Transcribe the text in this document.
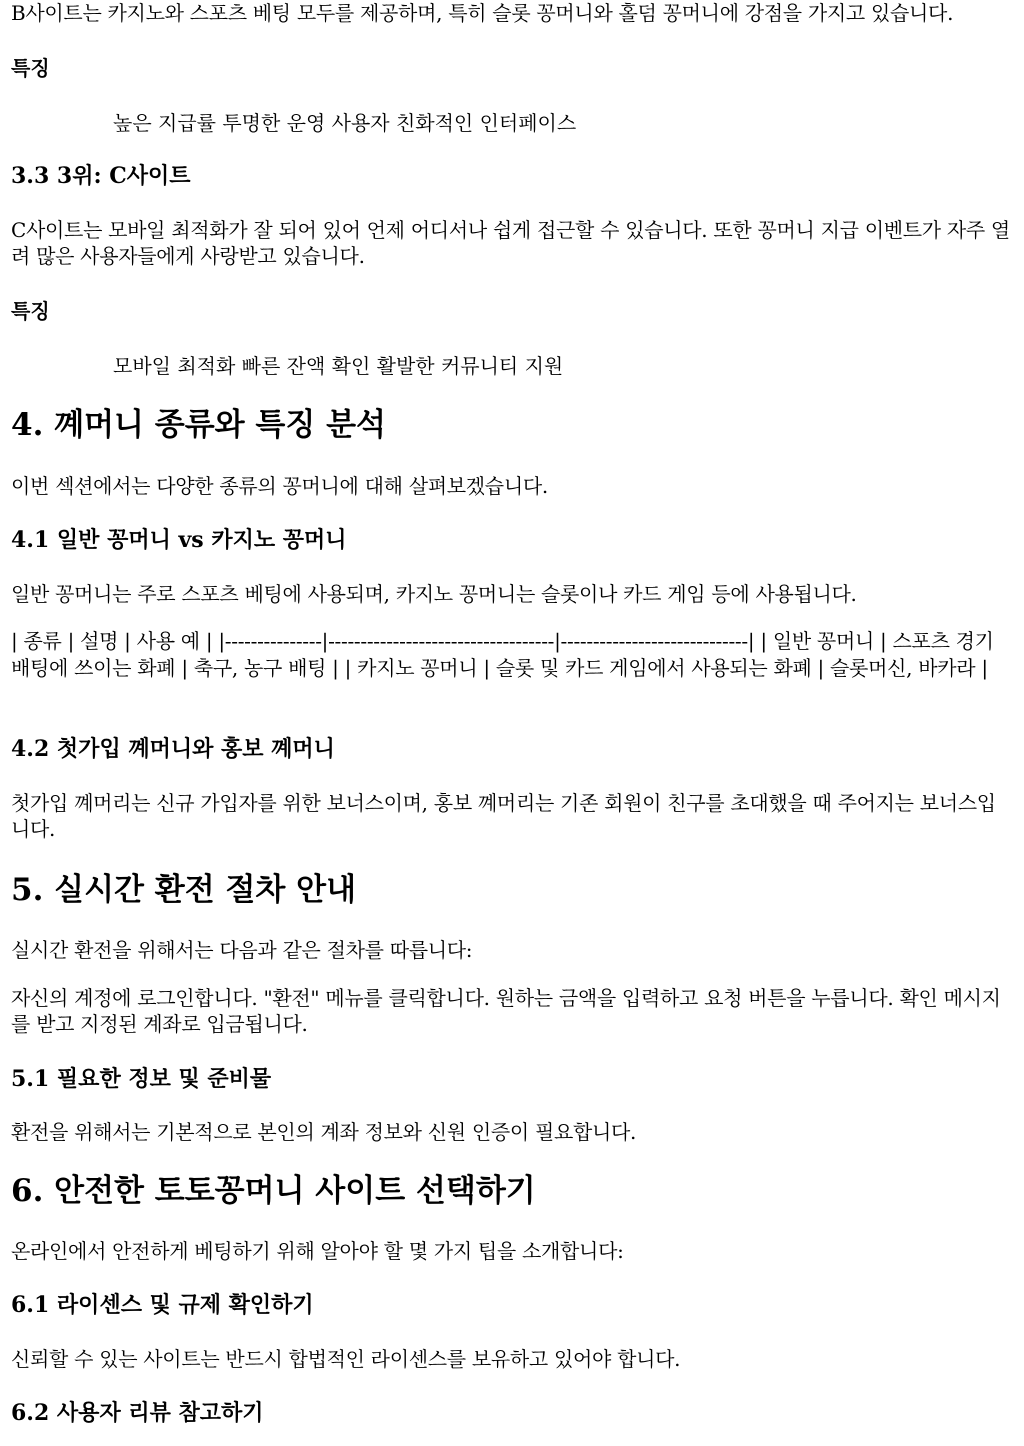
B사이트는 카지노와 스포츠 베팅 모두를 제공하며, 특히 슬롯 꽁머니와 홀덤 꽁머니에 강점을 가지고 있습니다.

특징
높은 지급률 투명한 운영 사용자 친화적인 인터페이스
3.3 3위: C사이트

C사이트는 모바일 최적화가 잘 되어 있어 언제 어디서나 쉽게 접근할 수 있습니다. 또한 꽁머니 지급 이벤트가 자주 열려 많은 사용자들에게 사랑받고 있습니다.

특징
모바일 최적화 빠른 잔액 확인 활발한 커뮤니티 지원
4. 꼐머니 종류와 특징 분석

이번 섹션에서는 다양한 종류의 꽁머니에 대해 살펴보겠습니다.

4.1 일반 꽁머니 vs 카지노 꽁머니

일반 꽁머니는 주로 스포츠 베팅에 사용되며, 카지노 꽁머니는 슬롯이나 카드 게임 등에 사용됩니다.

| 종류 | 설명 | 사용 예 | |---------------|-----------------------------------|-----------------------------| | 일반 꽁머니 | 스포츠 경기 배팅에 쓰이는 화폐 | 축구, 농구 배팅 | | 카지노 꽁머니 | 슬롯 및 카드 게임에서 사용되는 화폐 | 슬롯머신, 바카라 |

4.2 첫가입 꼐머니와 홍보 꼐머니

첫가입 꼐머리는 신규 가입자를 위한 보너스이며, 홍보 꼐머리는 기존 회원이 친구를 초대했을 때 주어지는 보너스입니다.

5. 실시간 환전 절차 안내

실시간 환전을 위해서는 다음과 같은 절차를 따릅니다:

자신의 계정에 로그인합니다. "환전" 메뉴를 클릭합니다. 원하는 금액을 입력하고 요청 버튼을 누릅니다. 확인 메시지를 받고 지정된 계좌로 입금됩니다.

5.1 필요한 정보 및 준비물

환전을 위해서는 기본적으로 본인의 계좌 정보와 신원 인증이 필요합니다.

6. 안전한 토토꽁머니 사이트 선택하기

온라인에서 안전하게 베팅하기 위해 알아야 할 몇 가지 팁을 소개합니다:

6.1 라이센스 및 규제 확인하기

신뢰할 수 있는 사이트는 반드시 합법적인 라이센스를 보유하고 있어야 합니다.

6.2 사용자 리뷰 참고하기
